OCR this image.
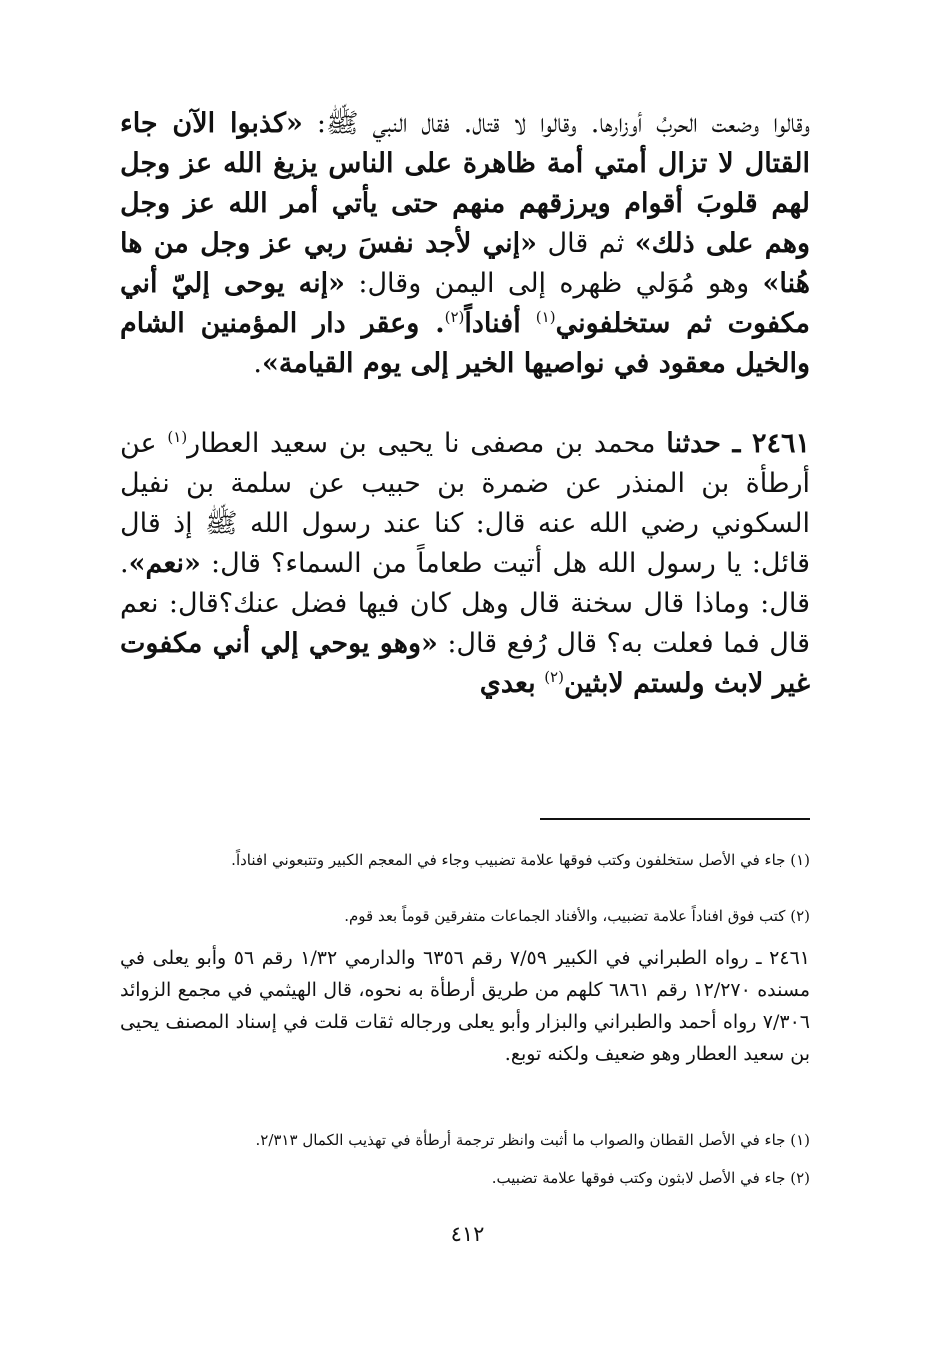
وقالوا وضعت الحربُ أوزارها. وقالوا لا قتال. فقال النبي ﷺ: «كذبوا الآن جاء القتال لا تزال أمتي أمة ظاهرة على الناس يزيغ الله عز وجل لهم قلوبَ أقوام ويرزقهم منهم حتى يأتي أمر الله عز وجل وهم على ذلك» ثم قال «إني لأجد نفسَ ربي عز وجل من ها هُنا» وهو مُوَلي ظهره إلى اليمن وقال: «إنه يوحى إليّ أني مكفوت ثم ستخلفوني$^{(١)}$ أفناداً$^{(٢)}$. وعقر دار المؤمنين الشام والخيل معقود في نواصيها الخير إلى يوم القيامة».

٢٤٦١ ـ حدثنا محمد بن مصفى نا يحيى بن سعيد العطار$^{(١)}$ عن أرطأة بن المنذر عن ضمرة بن حبيب عن سلمة بن نفيل السكوني رضي الله عنه قال: كنا عند رسول الله ﷺ إذ قال قائل: يا رسول الله هل أتيت طعاماً من السماء؟ قال: «نعم». قال: وماذا قال سخنة قال وهل كان فيها فضل عنك؟قال: نعم قال فما فعلت به؟ قال رُفع قال: «وهو يوحي إلي أني مكفوت غير لابث ولستم لابثين$^{(٢)}$ بعدي

(١) جاء في الأصل ستخلفون وكتب فوقها علامة تضبيب وجاء في المعجم الكبير وتتبعوني افناداً.

(٢) كتب فوق افناداً علامة تضبيب، والأفناد الجماعات متفرقين قوماً بعد قوم.

٢٤٦١ ـ رواه الطبراني في الكبير ٧/٥٩ رقم ٦٣٥٦ والدارمي ١/٣٢ رقم ٥٦ وأبو يعلى في مسنده ١٢/٢٧٠ رقم ٦٨٦١ كلهم من طريق أرطأة به نحوه، قال الهيثمي في مجمع الزوائد ٧/٣٠٦ رواه أحمد والطبراني والبزار وأبو يعلى ورجاله ثقات قلت في إسناد المصنف يحيى بن سعيد العطار وهو ضعيف ولكنه توبع.

(١) جاء في الأصل القطان والصواب ما أثبت وانظر ترجمة أرطأة في تهذيب الكمال ٢/٣١٣.

(٢) جاء في الأصل لابثون وكتب فوقها علامة تضبيب.

٤١٢
